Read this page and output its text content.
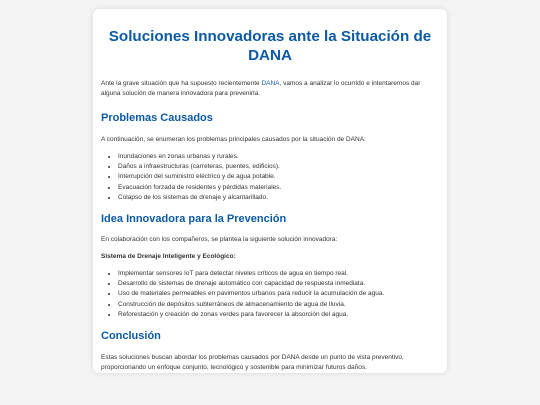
Soluciones Innovadoras ante la Situación de DANA

Ante la grave situación que ha supuesto recientemente DANA, vamos a analizar lo ocurrido e intentaremos dar alguna solución de manera innovadora para prevenirla.

Problemas Causados

A continuación, se enumeran los problemas principales causados por la situación de DANA:

• Inundaciones en zonas urbanas y rurales.
• Daños a infraestructuras (carreteras, puentes, edificios).
• Interrupción del suministro eléctrico y de agua potable.
• Evacuación forzada de residentes y pérdidas materiales.
• Colapso de los sistemas de drenaje y alcantarillado.
Idea Innovadora para la Prevención

En colaboración con los compañeros, se plantea la siguiente solución innovadora:

Sistema de Drenaje Inteligente y Ecológico:

• Implementar sensores IoT para detectar niveles críticos de agua en tiempo real.
• Desarrollo de sistemas de drenaje automático con capacidad de respuesta inmediata.
• Uso de materiales permeables en pavimentos urbanos para reducir la acumulación de agua.
• Construcción de depósitos subterráneos de almacenamiento de agua de lluvia.
• Reforestación y creación de zonas verdes para favorecer la absorción del agua.
Conclusión

Estas soluciones buscan abordar los problemas causados por DANA desde un punto de vista preventivo, proporcionando un enfoque conjunto, tecnológico y sostenible para minimizar futuros daños.
